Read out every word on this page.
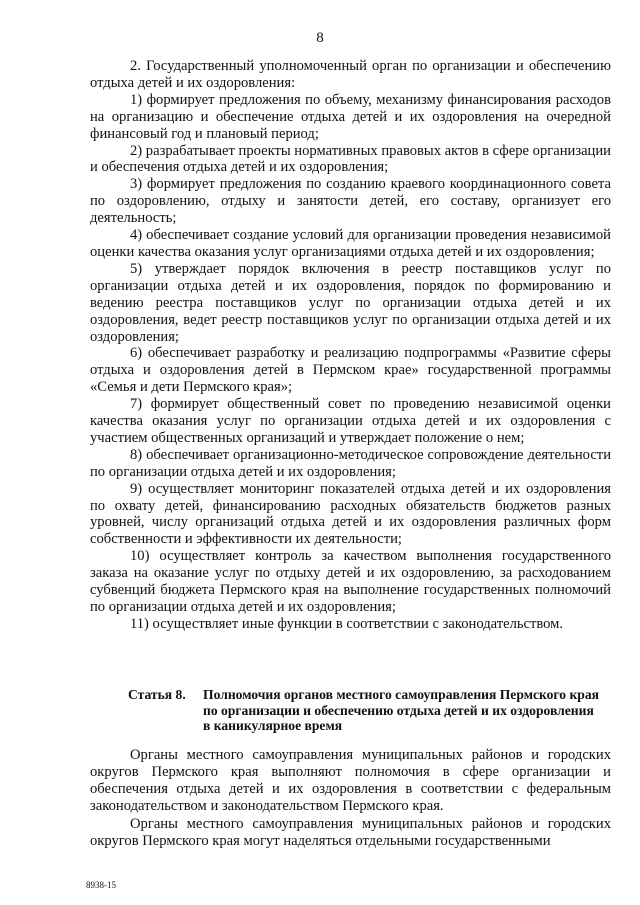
8

2. Государственный уполномоченный орган по организации и обеспечению отдыха детей и их оздоровления:

1) формирует предложения по объему, механизму финансирования расходов на организацию и обеспечение отдыха детей и их оздоровления на очередной финансовый год и плановый период;

2) разрабатывает проекты нормативных правовых актов в сфере организации и обеспечения отдыха детей и их оздоровления;

3) формирует предложения по созданию краевого координационного совета по оздоровлению, отдыху и занятости детей, его составу, организует его деятельность;

4) обеспечивает создание условий для организации проведения независимой оценки качества оказания услуг организациями отдыха детей и их оздоровления;

5) утверждает порядок включения в реестр поставщиков услуг по организации отдыха детей и их оздоровления, порядок по формированию и ведению реестра поставщиков услуг по организации отдыха детей и их оздоровления, ведет реестр поставщиков услуг по организации отдыха детей и их оздоровления;

6) обеспечивает разработку и реализацию подпрограммы «Развитие сферы отдыха и оздоровления детей в Пермском крае» государственной программы «Семья и дети Пермского края»;

7) формирует общественный совет по проведению независимой оценки качества оказания услуг по организации отдыха детей и их оздоровления с участием общественных организаций и утверждает положение о нем;

8) обеспечивает организационно-методическое сопровождение деятельности по организации отдыха детей и их оздоровления;

9) осуществляет мониторинг показателей отдыха детей и их оздоровления по охвату детей, финансированию расходных обязательств бюджетов разных уровней, числу организаций отдыха детей и их оздоровления различных форм собственности и эффективности их деятельности;

10) осуществляет контроль за качеством выполнения государственного заказа на оказание услуг по отдыху детей и их оздоровлению, за расходованием субвенций бюджета Пермского края на выполнение государственных полномочий по организации отдыха детей и их оздоровления;

11) осуществляет иные функции в соответствии с законодательством.

Статья 8. Полномочия органов местного самоуправления Пермского края по организации и обеспечению отдыха детей и их оздоровления в каникулярное время

Органы местного самоуправления муниципальных районов и городских округов Пермского края выполняют полномочия в сфере организации и обеспечения отдыха детей и их оздоровления в соответствии с федеральным законодательством и законодательством Пермского края.

Органы местного самоуправления муниципальных районов и городских округов Пермского края могут наделяться отдельными государственными

8938-15
